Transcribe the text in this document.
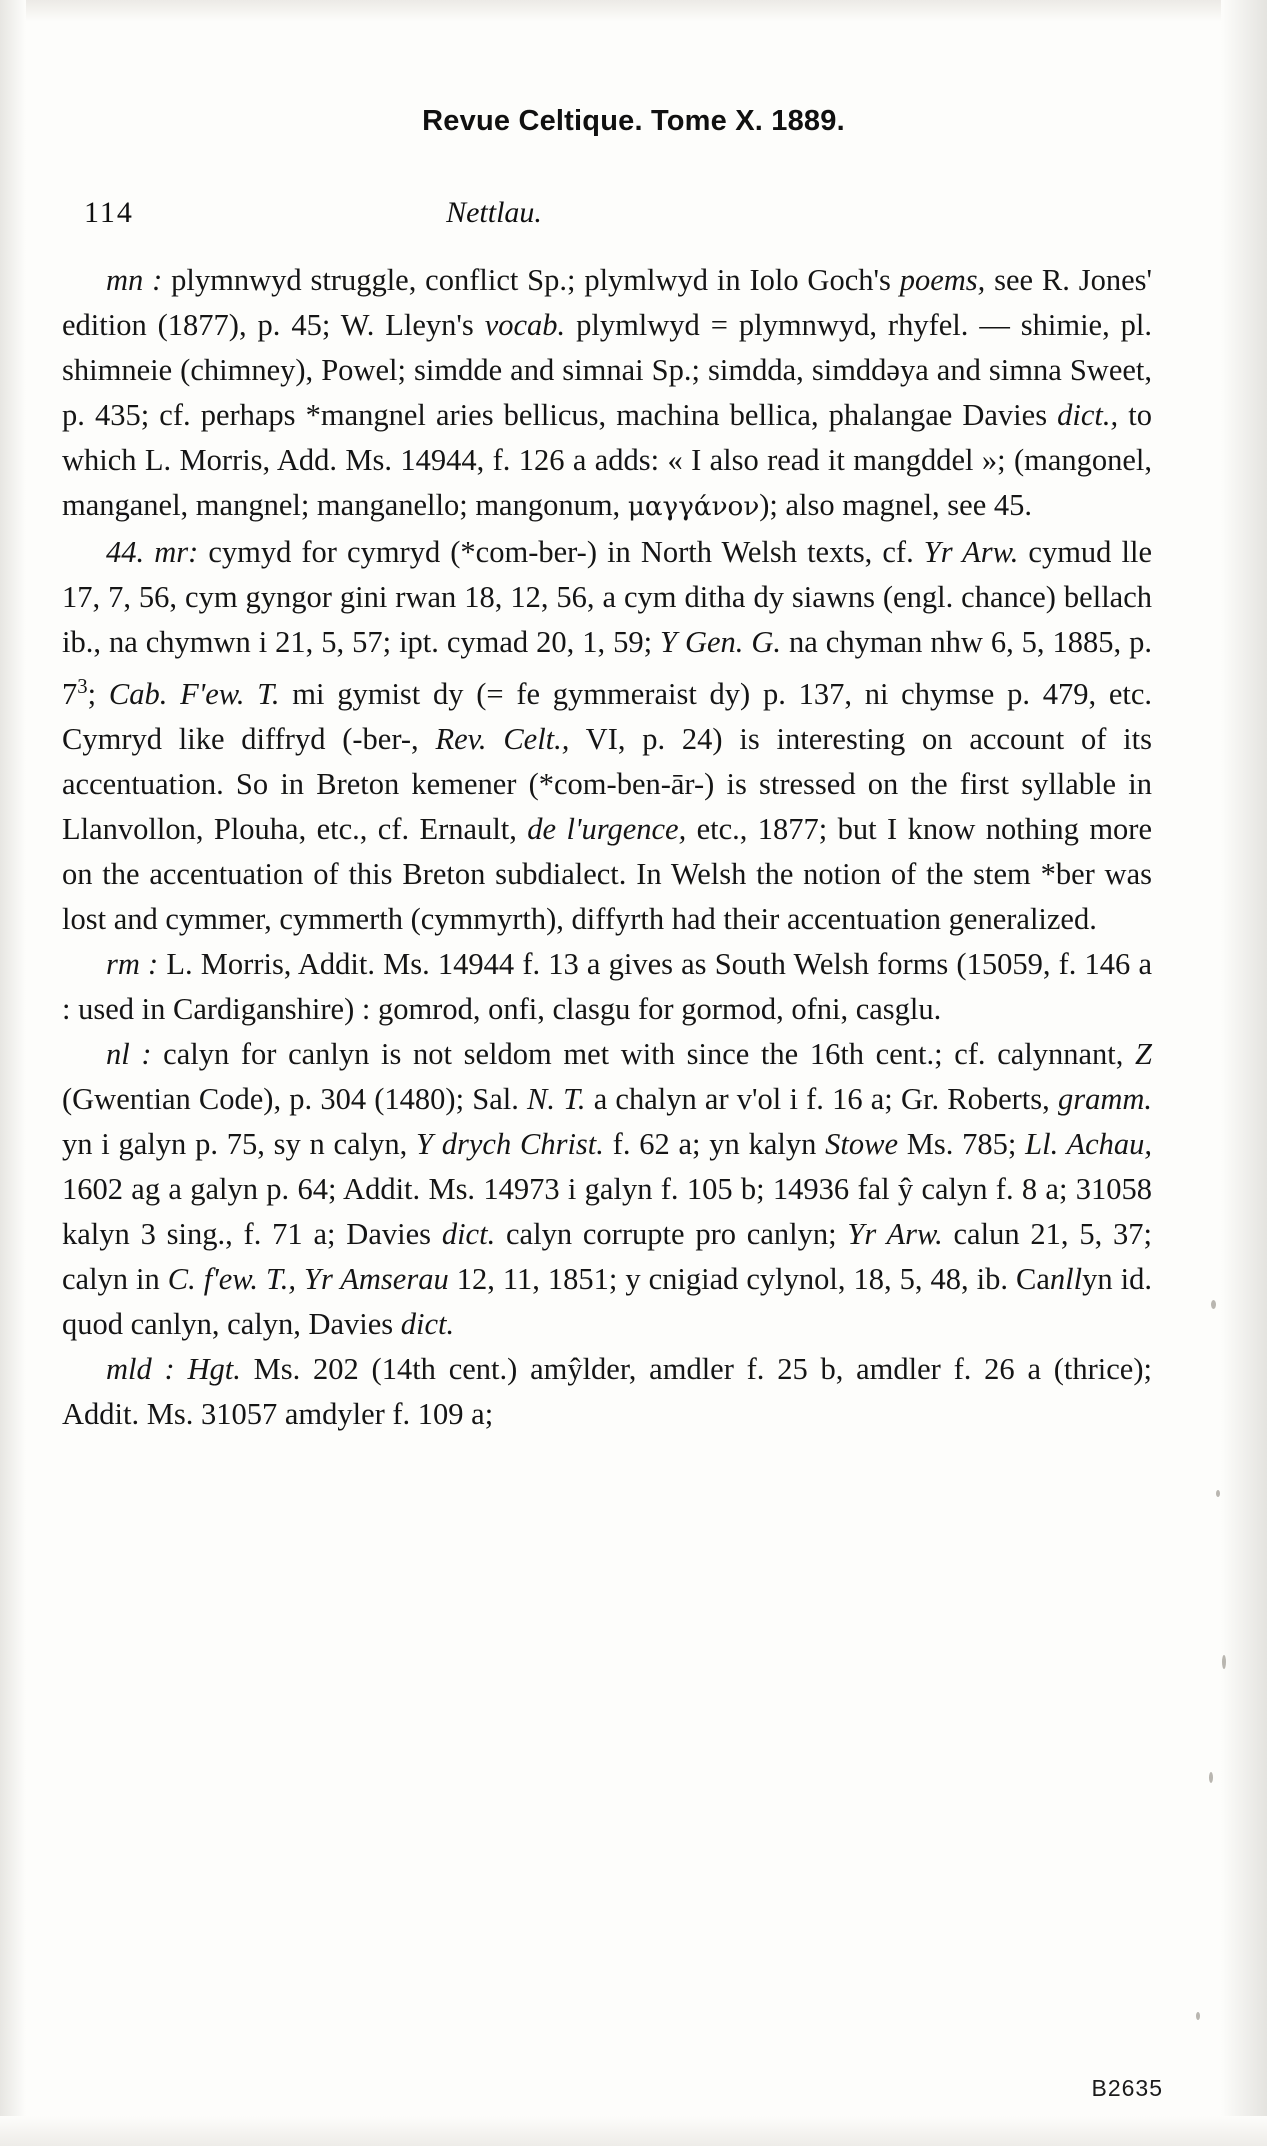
Revue Celtique. Tome X. 1889.
114	Nettlau.

mn : plymnwyd struggle, conflict Sp.; plymlwyd in Iolo Goch's poems, see R. Jones' edition (1877), p. 45; W. Lleyn's vocab. plymlwyd = plymnwyd, rhyfel. — shimie, pl. shimneie (chimney), Powel; simdde and simnai Sp.; simdda, simddəya and simna Sweet, p. 435; cf. perhaps *mangnel aries bellicus, machina bellica, phalangae Davies dict., to which L. Morris, Add. Ms. 14944, f. 126 a adds: « I also read it mangddel »; (mangonel, manganel, mangnel; manganello; mangonum, μαγγάνον); also magnel, see 45.

44. mr: cymyd for cymryd (*com-ber-) in North Welsh texts, cf. Yr Arw. cymud lle 17, 7, 56, cym gyngor gini rwan 18, 12, 56, a cym ditha dy siawns (engl. chance) bellach ib., na chymwn i 21, 5, 57; ipt. cymad 20, 1, 59; Y Gen. G. na chyman nhw 6, 5, 1885, p. $7^3$; Cab. F'ew. T. mi gymist dy (= fe gymmeraist dy) p. 137, ni chymse p. 479, etc. Cymryd like diffryd (-ber-, Rev. Celt., VI, p. 24) is interesting on account of its accentuation. So in Breton kemener (*com-ben-ār-) is stressed on the first syllable in Llanvollon, Plouha, etc., cf. Ernault, de l'urgence, etc., 1877; but I know nothing more on the accentuation of this Breton subdialect. In Welsh the notion of the stem *ber was lost and cymmer, cymmerth (cymmyrth), diffyrth had their accentuation generalized.

rm : L. Morris, Addit. Ms. 14944 f. 13 a gives as South Welsh forms (15059, f. 146 a : used in Cardiganshire) : gomrod, onfi, clasgu for gormod, ofni, casglu.

nl : calyn for canlyn is not seldom met with since the 16th cent.; cf. calynnant, Z (Gwentian Code), p. 304 (1480); Sal. N. T. a chalyn ar v'ol i f. 16 a; Gr. Roberts, gramm. yn i galyn p. 75, sy n calyn, Y drych Christ. f. 62 a; yn kalyn Stowe Ms. 785; Ll. Achau, 1602 ag a galyn p. 64; Addit. Ms. 14973 i galyn f. 105 b; 14936 fal ŷ calyn f. 8 a; 31058 kalyn 3 sing., f. 71 a; Davies dict. calyn corrupte pro canlyn; Yr Arw. calun 21, 5, 37; calyn in C. f'ew. T., Yr Amserau 12, 11, 1851; y cnigiad cylynol, 18, 5, 48, ib. Canllyn id. quod canlyn, calyn, Davies dict.

mld : Hgt. Ms. 202 (14th cent.) amŷlder, amdler f. 25 b, amdler f. 26 a (thrice); Addit. Ms. 31057 amdyler f. 109 a;

B2635
